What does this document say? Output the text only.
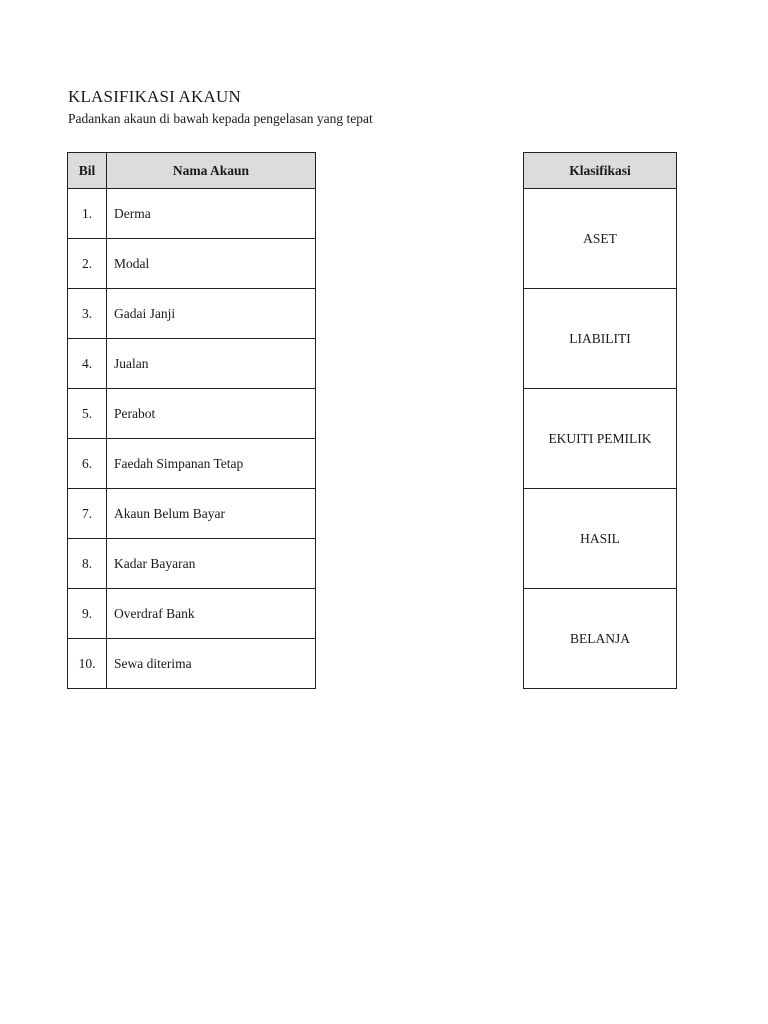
KLASIFIKASI AKAUN
Padankan akaun di bawah kepada pengelasan yang tepat
Bil	Nama Akaun
1.	Derma
2.	Modal
3.	Gadai Janji
4.	Jualan
5.	Perabot
6.	Faedah Simpanan Tetap
7.	Akaun Belum Bayar
8.	Kadar Bayaran
9.	Overdraf Bank
10.	Sewa diterima
Klasifikasi
ASET
LIABILITI
EKUITI PEMILIK
HASIL
BELANJA
